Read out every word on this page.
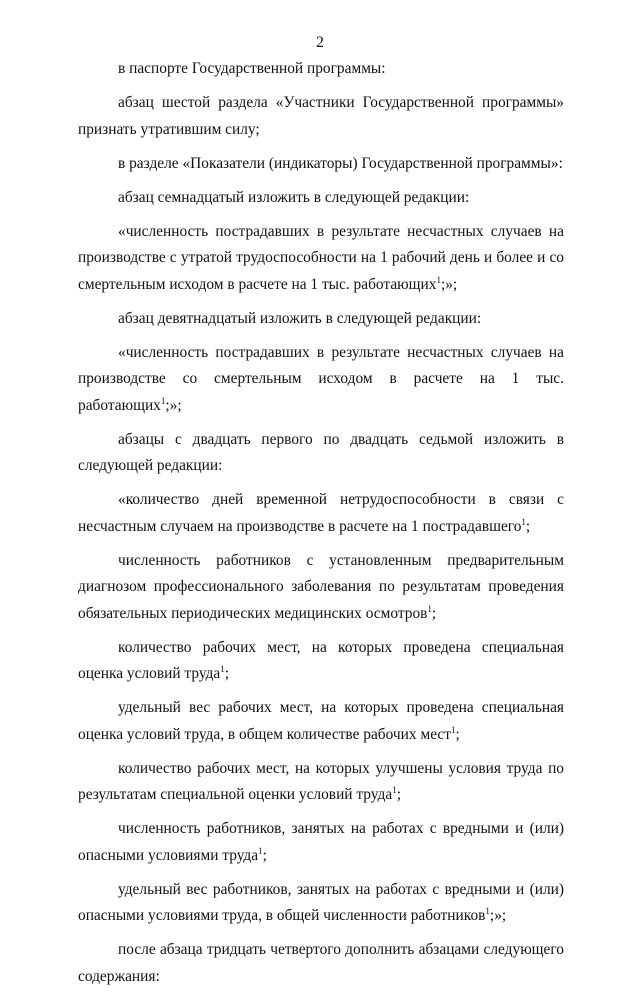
2

в паспорте Государственной программы:

абзац шестой раздела «Участники Государственной программы» признать утратившим силу;

в разделе «Показатели (индикаторы) Государственной программы»:

абзац семнадцатый изложить в следующей редакции:

«численность пострадавших в результате несчастных случаев на производстве с утратой трудоспособности на 1 рабочий день и более и со смертельным исходом в расчете на 1 тыс. работающих$^1$;»;

абзац девятнадцатый изложить в следующей редакции:

«численность пострадавших в результате несчастных случаев на производстве со смертельным исходом в расчете на 1 тыс. работающих$^1$;»;

абзацы с двадцать первого по двадцать седьмой изложить в следующей редакции:

«количество дней временной нетрудоспособности в связи с несчастным случаем на производстве в расчете на 1 пострадавшего$^1$;

численность работников с установленным предварительным диагнозом профессионального заболевания по результатам проведения обязательных периодических медицинских осмотров$^1$;

количество рабочих мест, на которых проведена специальная оценка условий труда$^1$;

удельный вес рабочих мест, на которых проведена специальная оценка условий труда, в общем количестве рабочих мест$^1$;

количество рабочих мест, на которых улучшены условия труда по результатам специальной оценки условий труда$^1$;

численность работников, занятых на работах с вредными и (или) опасными условиями труда$^1$;

удельный вес работников, занятых на работах с вредными и (или) опасными условиями труда, в общей численности работников$^1$;»;

после абзаца тридцать четвертого дополнить абзацами следующего содержания:
